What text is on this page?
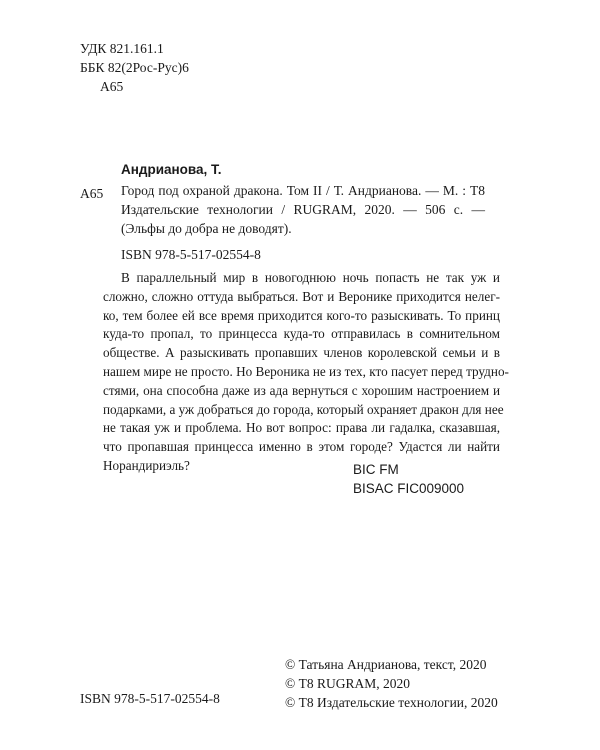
УДК 821.161.1
ББК 82(2Рос-Рус)6
А65
Андрианова, Т.
А65 Город под охраной дракона. Том II / Т. Андрианова. — М. : Т8
Издательские технологии / RUGRAM, 2020. — 506 с. —
(Эльфы до добра не доводят).
ISBN 978-5-517-02554-8
В параллельный мир в новогоднюю ночь попасть не так уж и
сложно, сложно оттуда выбраться. Вот и Веронике приходится нелег-
ко, тем более ей все время приходится кого-то разыскивать. То принц
куда-то пропал, то принцесса куда-то отправилась в сомнительном
обществе. А разыскивать пропавших членов королевской семьи и в
нашем мире не просто. Но Вероника не из тех, кто пасует перед трудно-
стями, она способна даже из ада вернуться с хорошим настроением и
подарками, а уж добраться до города, который охраняет дракон для нее
не такая уж и проблема. Но вот вопрос: права ли гадалка, сказавшая,
что пропавшая принцесса именно в этом городе? Удастся ли найти
Норандириэль?	BIC FM
BISAC FIC009000
© Татьяна Андрианова, текст, 2020
© Т8 RUGRAM, 2020
© Т8 Издательские технологии, 2020
ISBN 978-5-517-02554-8
